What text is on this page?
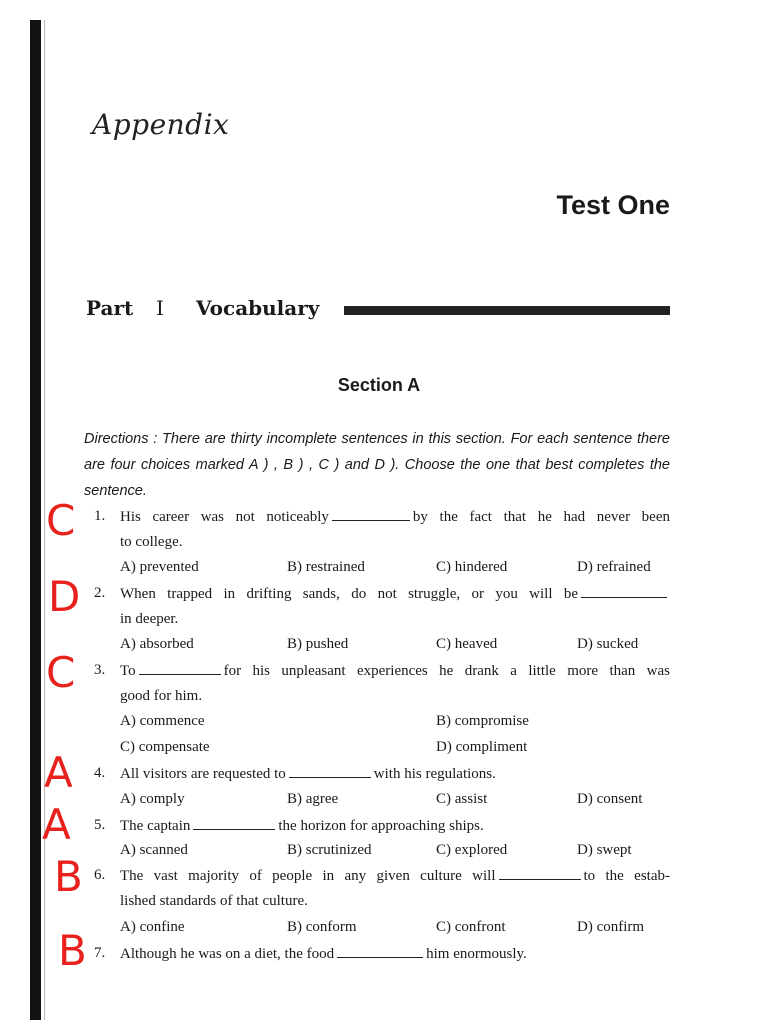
Appendix
Test One
Part I Vocabulary
Section A
Directions : There are thirty incomplete sentences in this section. For each sentence there are four choices marked A ) , B ) , C ) and D ). Choose the one that best completes the sentence.
1. His career was not noticeably	by the fact that he had never been
to college.
A) prevented	B) restrained	C) hindered	D) refrained
2. When trapped in drifting sands, do not struggle, or you will be
in deeper.
A) absorbed	B) pushed	C) heaved	D) sucked
3. To	for his unpleasant experiences he drank a little more than was
good for him.
A) commence	B) compromise
C) compensate	D) compliment
4. All visitors are requested to	with his regulations.
A) comply	B) agree	C) assist	D) consent
5. The captain	the horizon for approaching ships.
A) scanned	B) scrutinized	C) explored	D) swept
6. The vast majority of people in any given culture will	to the estab-
lished standards of that culture.
A) confine	B) conform	C) confront	D) confirm
7. Although he was on a diet, the food	him enormously.
C
D
C
A
A
B
B
